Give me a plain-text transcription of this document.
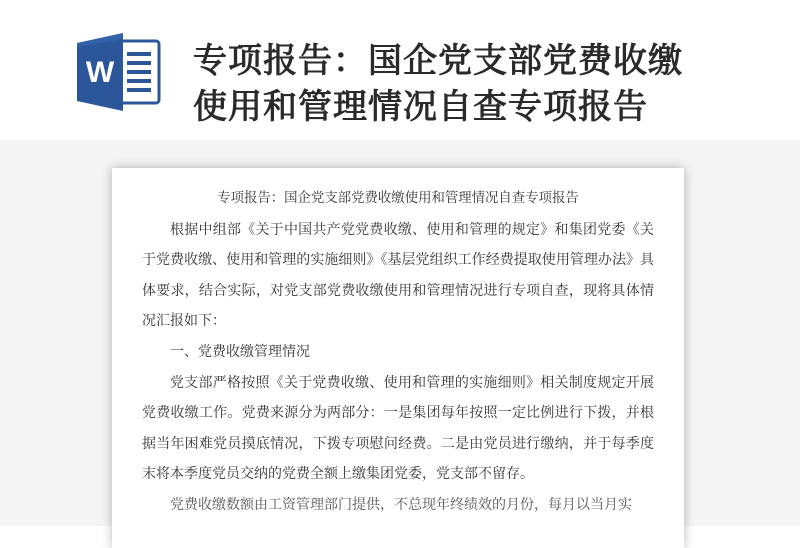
W 专项报告：国企党支部党费收缴
使用和管理情况自查专项报告

专项报告：国企党支部党费收缴使用和管理情况自查专项报告

根据中组部《关于中国共产党党费收缴、使用和管理的规定》和集团党委《关于党费收缴、使用和管理的实施细则》《基层党组织工作经费提取使用管理办法》具体要求，结合实际，对党支部党费收缴使用和管理情况进行专项自查，现将具体情况汇报如下：

一、党费收缴管理情况

党支部严格按照《关于党费收缴、使用和管理的实施细则》相关制度规定开展党费收缴工作。党费来源分为两部分：一是集团每年按照一定比例进行下拨，并根据当年困难党员摸底情况，下拨专项慰问经费。二是由党员进行缴纳，并于每季度末将本季度党员交纳的党费全额上缴集团党委，党支部不留存。

党费收缴数额由工资管理部门提供，不总现年终绩效的月份，每月以当月实
